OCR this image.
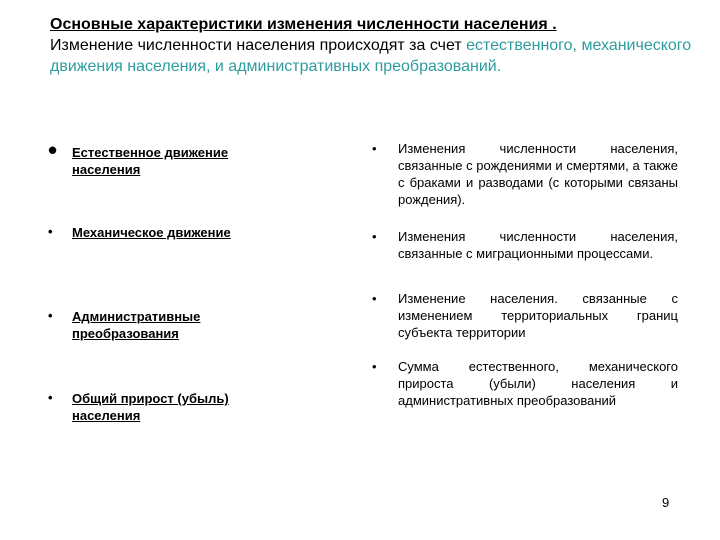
Основные характеристики изменения численности населения .
Изменение численности населения происходят за счет естественного, механического движения населения, и административных преобразований.
• Естественное движение населения
• Механическое движение
• Административные преобразования
• Общий прирост (убыль) населения
• Изменения численности населения, связанные с рождениями и смертями, а также с браками и разводами (с которыми связаны рождения).
• Изменения численности населения, связанные с миграционными процессами.
• Изменение населения. связанные с изменением территориальных границ субъекта территории
• Сумма естественного, механического прироста (убыли) населения и административных преобразований
9
